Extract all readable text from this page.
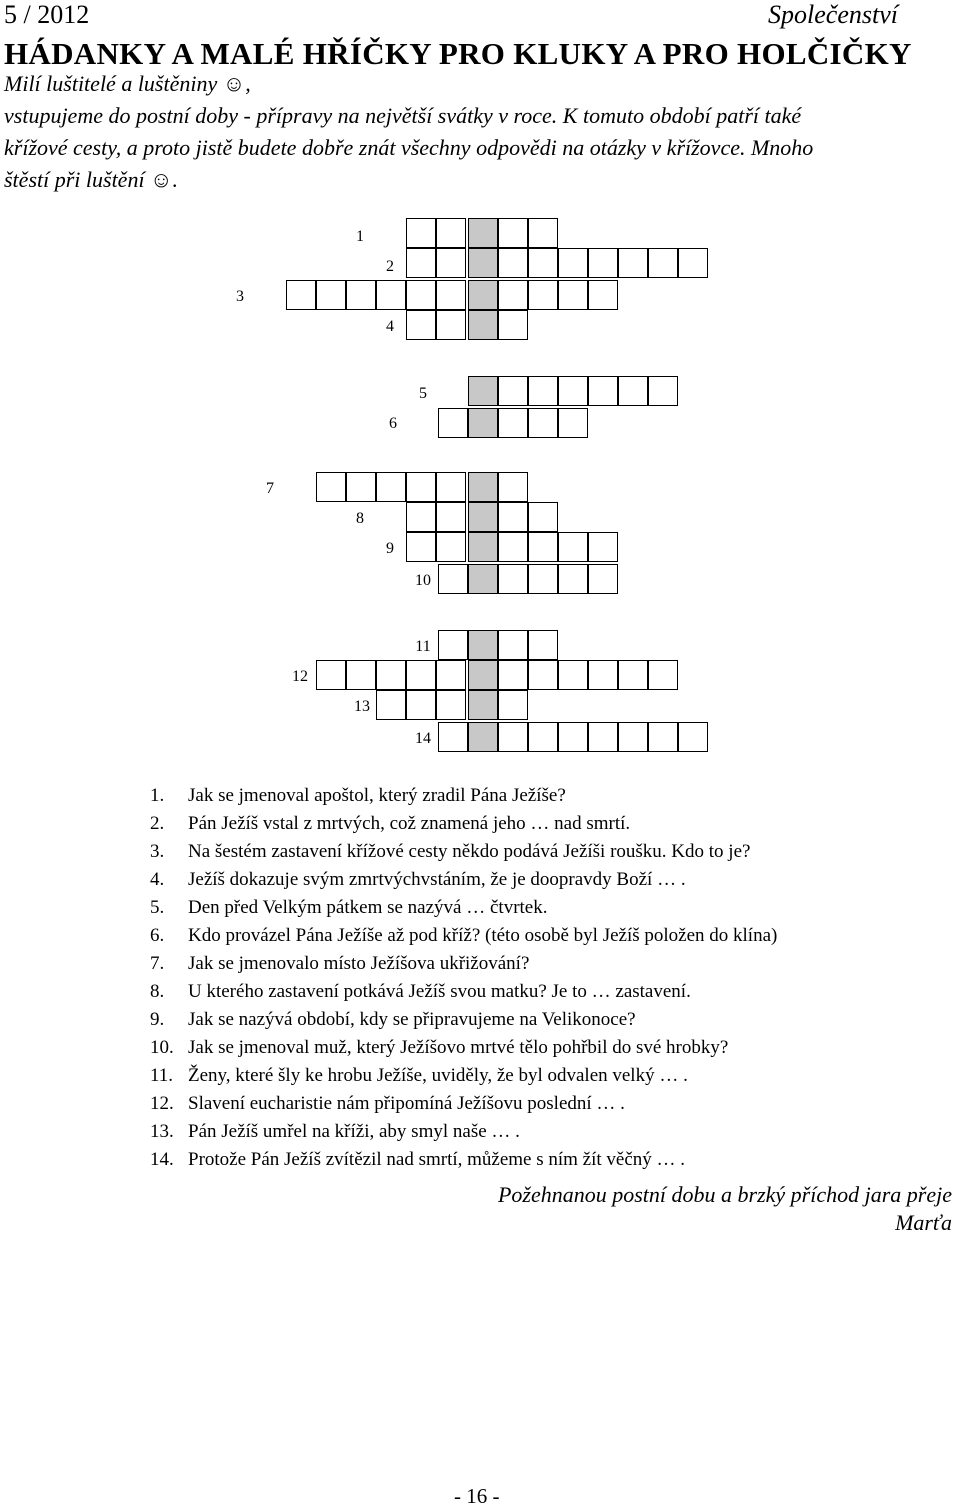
5 / 2012	Společenství
HÁDANKY A MALÉ HŘÍČKY PRO KLUKY A PRO HOLČIČKY
Milí luštitelé a luštěniny ☺,
vstupujeme do postní doby - přípravy na největší svátky v roce. K tomuto období patří také
křížové cesty, a proto jistě budete dobře znát všechny odpovědi na otázky v křížovce. Mnoho
štěstí při luštění ☺.
1
2
3
4
5
6
7
8
9
10
11
12
13
14
1. Jak se jmenoval apoštol, který zradil Pána Ježíše?
2. Pán Ježíš vstal z mrtvých, což znamená jeho … nad smrtí.
3. Na šestém zastavení křížové cesty někdo podává Ježíši roušku. Kdo to je?
4. Ježíš dokazuje svým zmrtvýchvstáním, že je doopravdy Boží … .
5. Den před Velkým pátkem se nazývá … čtvrtek.
6. Kdo provázel Pána Ježíše až pod kříž? (této osobě byl Ježíš položen do klína)
7. Jak se jmenovalo místo Ježíšova ukřižování?
8. U kterého zastavení potkává Ježíš svou matku? Je to … zastavení.
9. Jak se nazývá období, kdy se připravujeme na Velikonoce?
10. Jak se jmenoval muž, který Ježíšovo mrtvé tělo pohřbil do své hrobky?
11. Ženy, které šly ke hrobu Ježíše, uviděly, že byl odvalen velký … .
12. Slavení eucharistie nám připomíná Ježíšovu poslední … .
13. Pán Ježíš umřel na kříži, aby smyl naše … .
14. Protože Pán Ježíš zvítězil nad smrtí, můžeme s ním žít věčný … .
Požehnanou postní dobu a brzký příchod jara přeje
Marťa
- 16 -
